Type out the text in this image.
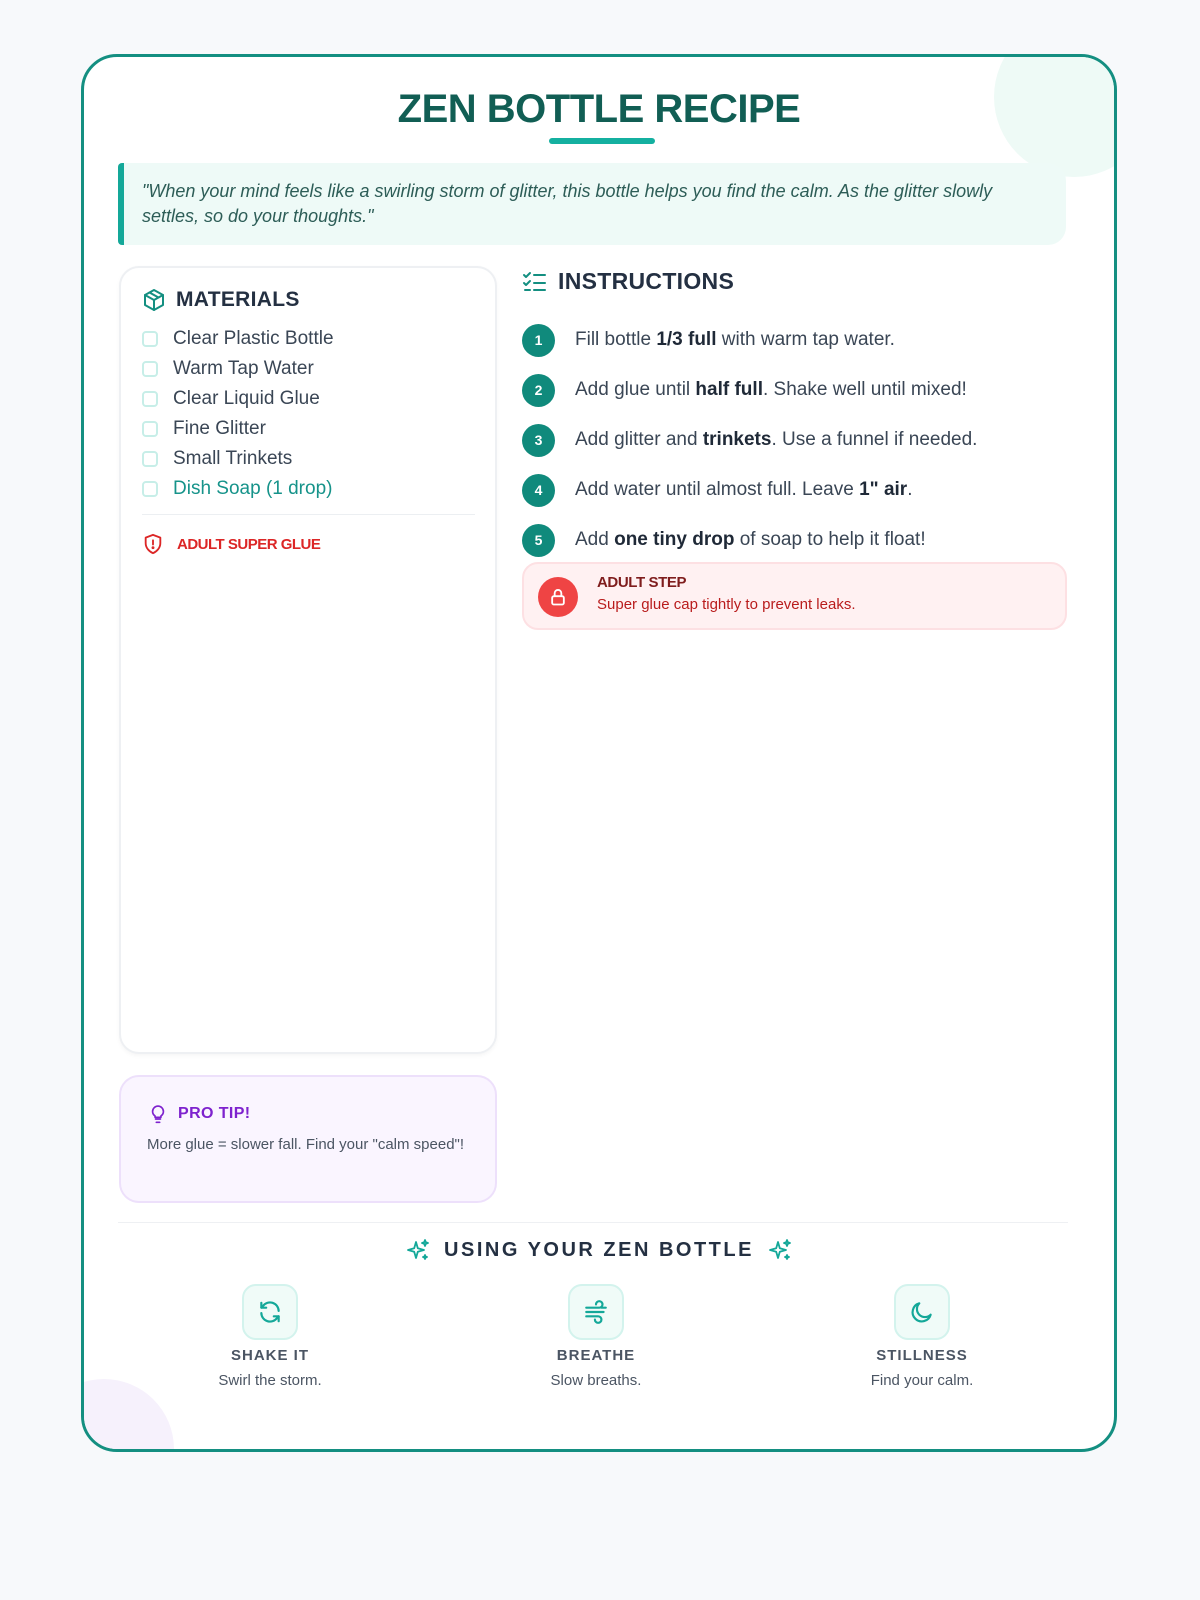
ZEN BOTTLE RECIPE
"When your mind feels like a swirling storm of glitter, this bottle helps you find the calm. As the glitter slowly settles, so do your thoughts."
MATERIALS
Clear Plastic Bottle
Warm Tap Water
Clear Liquid Glue
Fine Glitter
Small Trinkets
Dish Soap (1 drop)
ADULT SUPER GLUE
PRO TIP!
More glue = slower fall. Find your "calm speed"!
INSTRUCTIONS
1	Fill bottle 1/3 full with warm tap water.
2	Add glue until half full. Shake well until mixed!
3	Add glitter and trinkets. Use a funnel if needed.
4	Add water until almost full. Leave 1" air.
5	Add one tiny drop of soap to help it float!
ADULT STEP
Super glue cap tightly to prevent leaks.
USING YOUR ZEN BOTTLE
SHAKE IT
Swirl the storm.
BREATHE
Slow breaths.
STILLNESS
Find your calm.
